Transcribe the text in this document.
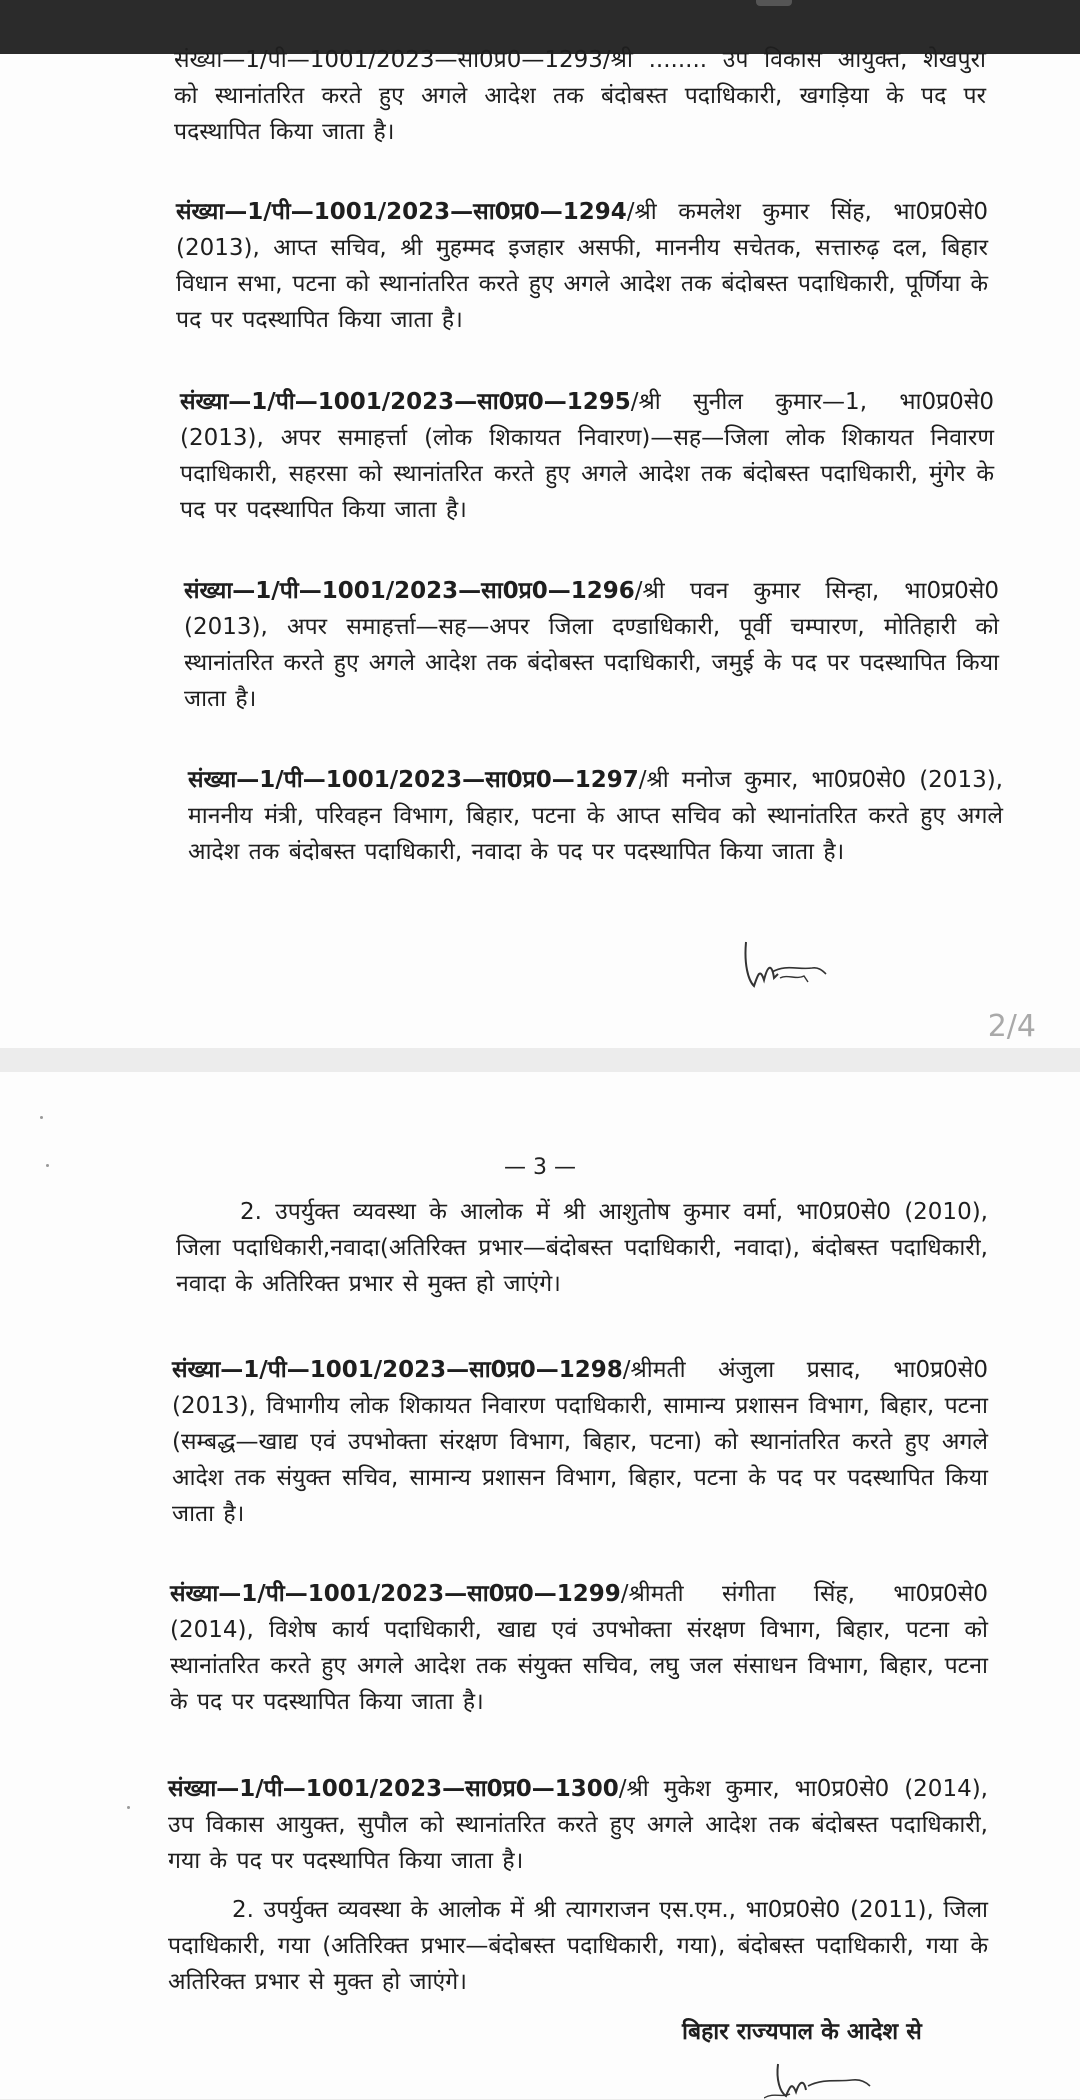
संख्या—1/पी—1001/2023—सा0प्र0—1293/श्री ........ उप विकास आयुक्त, शेखपुरा को स्थानांतरित करते हुए अगले आदेश तक बंदोबस्त पदाधिकारी, खगड़िया के पद पर पदस्थापित किया जाता है।

संख्या—1/पी—1001/2023—सा0प्र0—1294/श्री कमलेश कुमार सिंह, भा0प्र0से0 (2013), आप्त सचिव, श्री मुहम्मद इजहार असफी, माननीय सचेतक, सत्तारुढ़ दल, बिहार विधान सभा, पटना को स्थानांतरित करते हुए अगले आदेश तक बंदोबस्त पदाधिकारी, पूर्णिया के पद पर पदस्थापित किया जाता है।

संख्या—1/पी—1001/2023—सा0प्र0—1295/श्री सुनील कुमार—1, भा0प्र0से0 (2013), अपर समाहर्त्ता (लोक शिकायत निवारण)—सह—जिला लोक शिकायत निवारण पदाधिकारी, सहरसा को स्थानांतरित करते हुए अगले आदेश तक बंदोबस्त पदाधिकारी, मुंगेर के पद पर पदस्थापित किया जाता है।

संख्या—1/पी—1001/2023—सा0प्र0—1296/श्री पवन कुमार सिन्हा, भा0प्र0से0 (2013), अपर समाहर्त्ता—सह—अपर जिला दण्डाधिकारी, पूर्वी चम्पारण, मोतिहारी को स्थानांतरित करते हुए अगले आदेश तक बंदोबस्त पदाधिकारी, जमुई के पद पर पदस्थापित किया जाता है।

संख्या—1/पी—1001/2023—सा0प्र0—1297/श्री मनोज कुमार, भा0प्र0से0 (2013), माननीय मंत्री, परिवहन विभाग, बिहार, पटना के आप्त सचिव को स्थानांतरित करते हुए अगले आदेश तक बंदोबस्त पदाधिकारी, नवादा के पद पर पदस्थापित किया जाता है।

2/4
— 3 —

2. उपर्युक्त व्यवस्था के आलोक में श्री आशुतोष कुमार वर्मा, भा0प्र0से0 (2010), जिला पदाधिकारी,नवादा(अतिरिक्त प्रभार—बंदोबस्त पदाधिकारी, नवादा), बंदोबस्त पदाधिकारी, नवादा के अतिरिक्त प्रभार से मुक्त हो जाएंगे।

संख्या—1/पी—1001/2023—सा0प्र0—1298/श्रीमती अंजुला प्रसाद, भा0प्र0से0 (2013), विभागीय लोक शिकायत निवारण पदाधिकारी, सामान्य प्रशासन विभाग, बिहार, पटना (सम्बद्ध—खाद्य एवं उपभोक्ता संरक्षण विभाग, बिहार, पटना) को स्थानांतरित करते हुए अगले आदेश तक संयुक्त सचिव, सामान्य प्रशासन विभाग, बिहार, पटना के पद पर पदस्थापित किया जाता है।

संख्या—1/पी—1001/2023—सा0प्र0—1299/श्रीमती संगीता सिंह, भा0प्र0से0 (2014), विशेष कार्य पदाधिकारी, खाद्य एवं उपभोक्ता संरक्षण विभाग, बिहार, पटना को स्थानांतरित करते हुए अगले आदेश तक संयुक्त सचिव, लघु जल संसाधन विभाग, बिहार, पटना के पद पर पदस्थापित किया जाता है।

संख्या—1/पी—1001/2023—सा0प्र0—1300/श्री मुकेश कुमार, भा0प्र0से0 (2014), उप विकास आयुक्त, सुपौल को स्थानांतरित करते हुए अगले आदेश तक बंदोबस्त पदाधिकारी, गया के पद पर पदस्थापित किया जाता है।

2. उपर्युक्त व्यवस्था के आलोक में श्री त्यागराजन एस.एम., भा0प्र0से0 (2011), जिला पदाधिकारी, गया (अतिरिक्त प्रभार—बंदोबस्त पदाधिकारी, गया), बंदोबस्त पदाधिकारी, गया के अतिरिक्त प्रभार से मुक्त हो जाएंगे।

बिहार राज्यपाल के आदेश से
